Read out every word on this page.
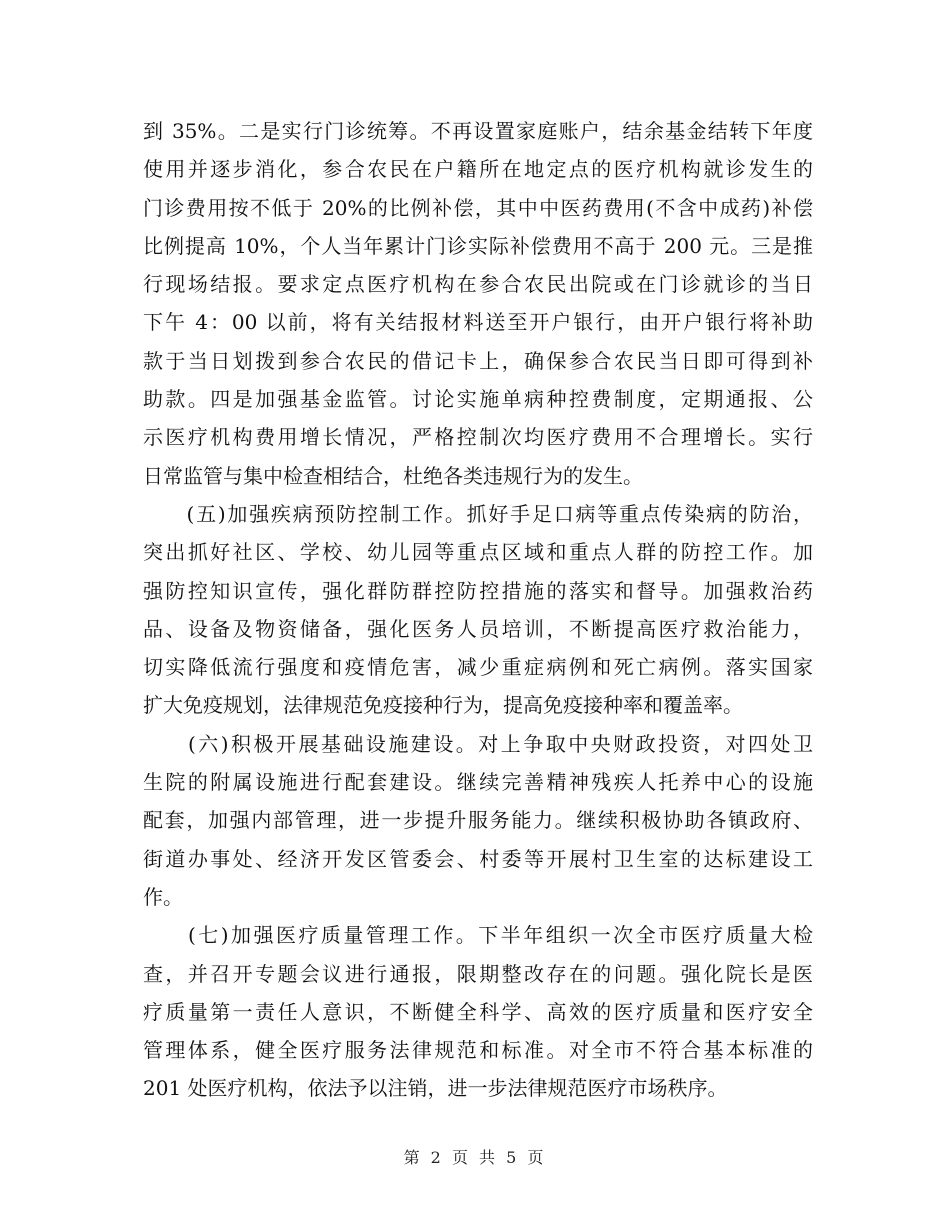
到 35%。二是实行门诊统筹。不再设置家庭账户，结余基金结转下年度
使用并逐步消化，参合农民在户籍所在地定点的医疗机构就诊发生的
门诊费用按不低于 20%的比例补偿，其中中医药费用(不含中成药)补偿
比例提高 10%，个人当年累计门诊实际补偿费用不高于 200 元。三是推
行现场结报。要求定点医疗机构在参合农民出院或在门诊就诊的当日
下午 4：00 以前，将有关结报材料送至开户银行，由开户银行将补助
款于当日划拨到参合农民的借记卡上，确保参合农民当日即可得到补
助款。四是加强基金监管。讨论实施单病种控费制度，定期通报、公
示医疗机构费用增长情况，严格控制次均医疗费用不合理增长。实行
日常监管与集中检查相结合，杜绝各类违规行为的发生。
　　(五)加强疾病预防控制工作。抓好手足口病等重点传染病的防治，
突出抓好社区、学校、幼儿园等重点区域和重点人群的防控工作。加
强防控知识宣传，强化群防群控防控措施的落实和督导。加强救治药
品、设备及物资储备，强化医务人员培训，不断提高医疗救治能力，
切实降低流行强度和疫情危害，减少重症病例和死亡病例。落实国家
扩大免疫规划，法律规范免疫接种行为，提高免疫接种率和覆盖率。
　　(六)积极开展基础设施建设。对上争取中央财政投资，对四处卫
生院的附属设施进行配套建设。继续完善精神残疾人托养中心的设施
配套，加强内部管理，进一步提升服务能力。继续积极协助各镇政府、
街道办事处、经济开发区管委会、村委等开展村卫生室的达标建设工
作。
　　(七)加强医疗质量管理工作。下半年组织一次全市医疗质量大检
查，并召开专题会议进行通报，限期整改存在的问题。强化院长是医
疗质量第一责任人意识，不断健全科学、高效的医疗质量和医疗安全
管理体系，健全医疗服务法律规范和标准。对全市不符合基本标准的
201 处医疗机构，依法予以注销，进一步法律规范医疗市场秩序。
第 2 页 共 5 页
